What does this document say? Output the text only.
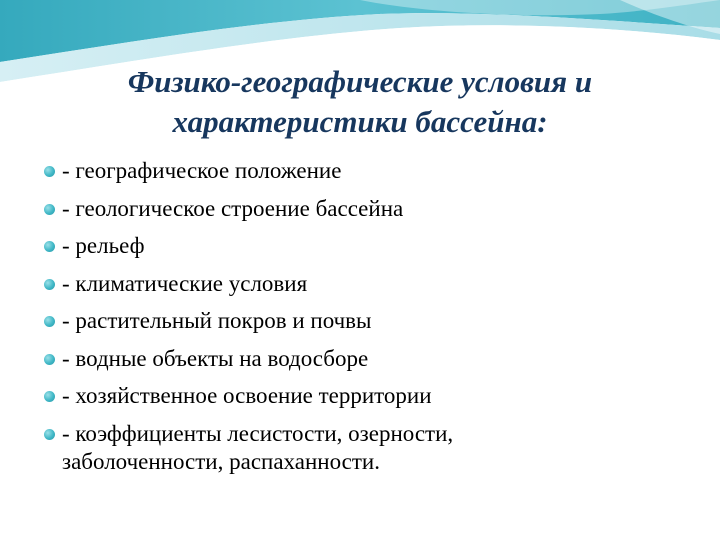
Физико-географические условия и
характеристики бассейна:
- географическое положение
- геологическое строение бассейна
- рельеф
- климатические условия
- растительный покров и почвы
- водные объекты на водосборе
- хозяйственное освоение территории
- коэффициенты лесистости, озерности,
заболоченности, распаханности.
